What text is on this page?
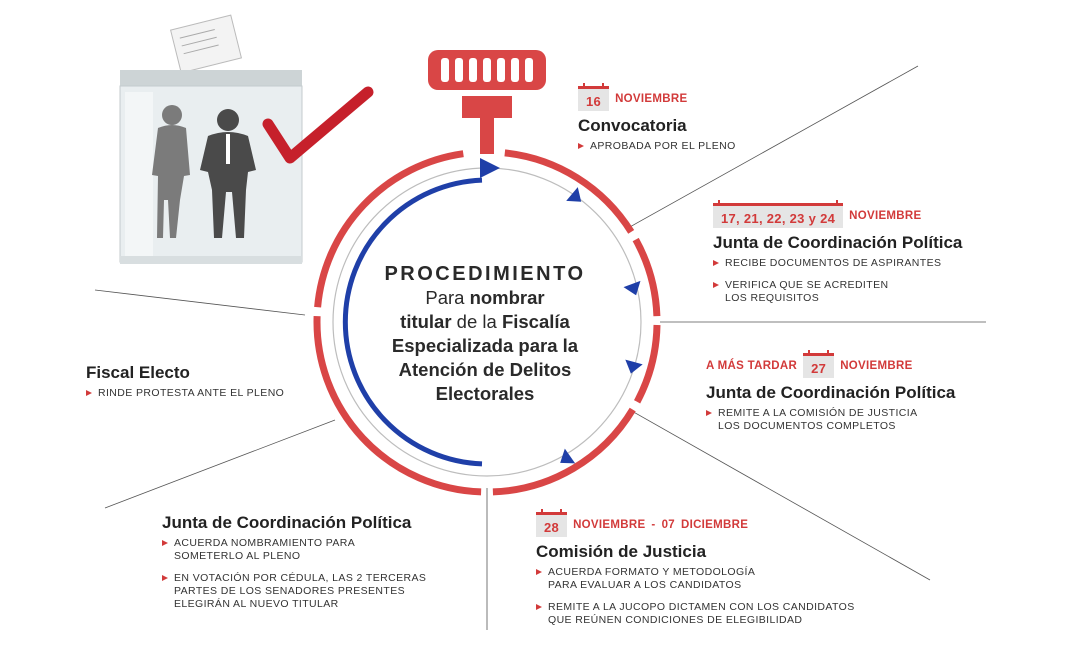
PROCEDIMIENTO
Para nombrar
titular de la Fiscalía
Especializada para la
Atención de Delitos
Electorales
16	NOVIEMBRE
Convocatoria
APROBADA POR EL PLENO
17, 21, 22, 23 y 24	NOVIEMBRE
Junta de Coordinación Política
RECIBE DOCUMENTOS DE ASPIRANTES
VERIFICA QUE SE ACREDITEN
LOS REQUISITOS
A MÁS TARDAR	27	NOVIEMBRE
Junta de Coordinación Política
REMITE A LA COMISIÓN DE JUSTICIA
LOS DOCUMENTOS COMPLETOS
28	NOVIEMBRE - 07 DICIEMBRE
Comisión de Justicia
ACUERDA FORMATO Y METODOLOGÍA
PARA EVALUAR A LOS CANDIDATOS
REMITE A LA JUCOPO DICTAMEN CON LOS CANDIDATOS
QUE REÚNEN CONDICIONES DE ELEGIBILIDAD
Junta de Coordinación Política
ACUERDA NOMBRAMIENTO PARA
SOMETERLO AL PLENO
EN VOTACIÓN POR CÉDULA, LAS 2 TERCERAS
PARTES DE LOS SENADORES PRESENTES
ELEGIRÁN AL NUEVO TITULAR
Fiscal Electo
RINDE PROTESTA ANTE EL PLENO
